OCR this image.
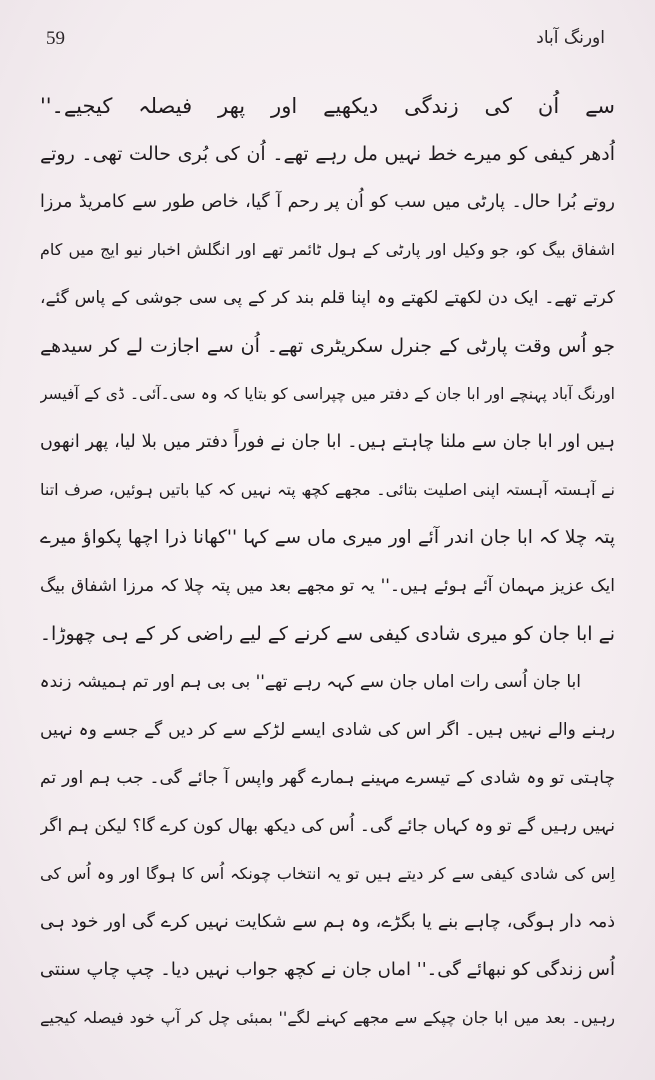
59	اورنگ آباد
سے اُن کی زندگی دیکھیے اور پھر فیصلہ کیجیے۔''
اُدھر کیفی کو میرے خط نہیں مل رہے تھے۔ اُن کی بُری حالت تھی۔ روتے
روتے بُرا حال۔ پارٹی میں سب کو اُن پر رحم آ گیا، خاص طور سے کامریڈ مرزا
اشفاق بیگ کو، جو وکیل اور پارٹی کے ہول ٹائمر تھے اور انگلش اخبار نیو ایج میں کام
کرتے تھے۔ ایک دن لکھتے لکھتے وہ اپنا قلم بند کر کے پی سی جوشی کے پاس گئے،
جو اُس وقت پارٹی کے جنرل سکریٹری تھے۔ اُن سے اجازت لے کر سیدھے
اورنگ آباد پہنچے اور ابا جان کے دفتر میں چپراسی کو بتایا کہ وہ سی۔آئی۔ ڈی کے آفیسر
ہیں اور ابا جان سے ملنا چاہتے ہیں۔ ابا جان نے فوراً دفتر میں بلا لیا، پھر انھوں
نے آہستہ آہستہ اپنی اصلیت بتائی۔ مجھے کچھ پتہ نہیں کہ کیا باتیں ہوئیں، صرف اتنا
پتہ چلا کہ ابا جان اندر آئے اور میری ماں سے کہا ''کھانا ذرا اچھا پکواؤ میرے
ایک عزیز مہمان آئے ہوئے ہیں۔'' یہ تو مجھے بعد میں پتہ چلا کہ مرزا اشفاق بیگ
نے ابا جان کو میری شادی کیفی سے کرنے کے لیے راضی کر کے ہی چھوڑا۔
ابا جان اُسی رات اماں جان سے کہہ رہے تھے'' بی بی ہم اور تم ہمیشہ زندہ
رہنے والے نہیں ہیں۔ اگر اس کی شادی ایسے لڑکے سے کر دیں گے جسے وہ نہیں
چاہتی تو وہ شادی کے تیسرے مہینے ہمارے گھر واپس آ جائے گی۔ جب ہم اور تم
نہیں رہیں گے تو وہ کہاں جائے گی۔ اُس کی دیکھ بھال کون کرے گا؟ لیکن ہم اگر
اِس کی شادی کیفی سے کر دیتے ہیں تو یہ انتخاب چونکہ اُس کا ہوگا اور وہ اُس کی
ذمہ دار ہوگی، چاہے بنے یا بگڑے، وہ ہم سے شکایت نہیں کرے گی اور خود ہی
اُس زندگی کو نبھائے گی۔'' اماں جان نے کچھ جواب نہیں دیا۔ چپ چاپ سنتی
رہیں۔ بعد میں ابا جان چپکے سے مجھے کہنے لگے'' بمبئی چل کر آپ خود فیصلہ کیجیے
